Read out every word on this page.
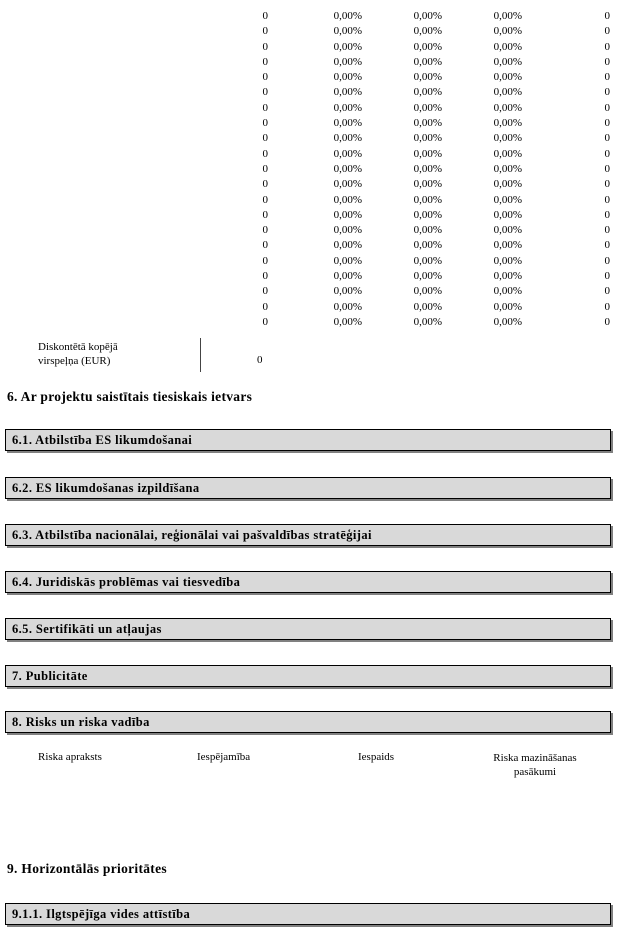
0	0,00%	0,00%	0,00%	0
0	0,00%	0,00%	0,00%	0
0	0,00%	0,00%	0,00%	0
0	0,00%	0,00%	0,00%	0
0	0,00%	0,00%	0,00%	0
0	0,00%	0,00%	0,00%	0
0	0,00%	0,00%	0,00%	0
0	0,00%	0,00%	0,00%	0
0	0,00%	0,00%	0,00%	0
0	0,00%	0,00%	0,00%	0
0	0,00%	0,00%	0,00%	0
0	0,00%	0,00%	0,00%	0
0	0,00%	0,00%	0,00%	0
0	0,00%	0,00%	0,00%	0
0	0,00%	0,00%	0,00%	0
0	0,00%	0,00%	0,00%	0
0	0,00%	0,00%	0,00%	0
0	0,00%	0,00%	0,00%	0
0	0,00%	0,00%	0,00%	0
0	0,00%	0,00%	0,00%	0
0	0,00%	0,00%	0,00%	0
Diskontētā kopējā
virspeļņa (EUR)	0
6. Ar projektu saistītais tiesiskais ietvars
6.1. Atbilstība ES likumdošanai
6.2. ES likumdošanas izpildīšana
6.3. Atbilstība nacionālai, reģionālai vai pašvaldības stratēģijai
6.4. Juridiskās problēmas vai tiesvedība
6.5. Sertifikāti un atļaujas
7. Publicitāte
8. Risks un riska vadība
Riska apraksts	Iespējamība	Iespaids	Riska mazināšanas pasākumi
9. Horizontālās prioritātes
9.1.1. Ilgtspējīga vides attīstība
